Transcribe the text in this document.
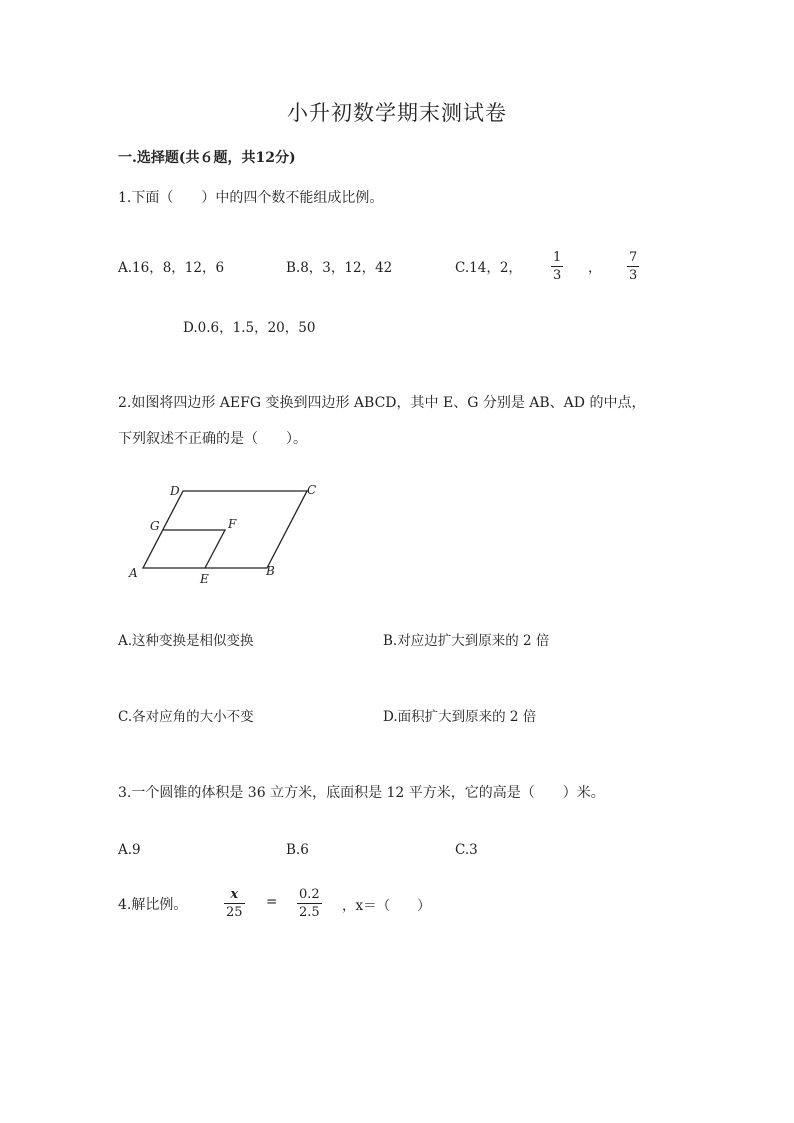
小升初数学期末测试卷
一.选择题(共６题，共12分)
1.下面（　　）中的四个数不能组成比例。
A.16，8，12，6	B.8，3，12，42	C.14，2，
1
3 ，
7
3
D.0.6，1.5，20，50
2.如图将四边形 AEFG 变换到四边形 ABCD，其中 E、G 分别是 AB、AD 的中点，
下列叙述不正确的是（　　）。
A	B
C
D
E
F
G
A.这种变换是相似变换	B.对应边扩大到原来的 2 倍
C.各对应角的大小不变	D.面积扩大到原来的 2 倍
3.一个圆锥的体积是 36 立方米，底面积是 12 平方米，它的高是（　　）米。
A.9	B.6	C.3
4.解比例。
x
25
= 0.2
2.5 ，x＝（　　）
